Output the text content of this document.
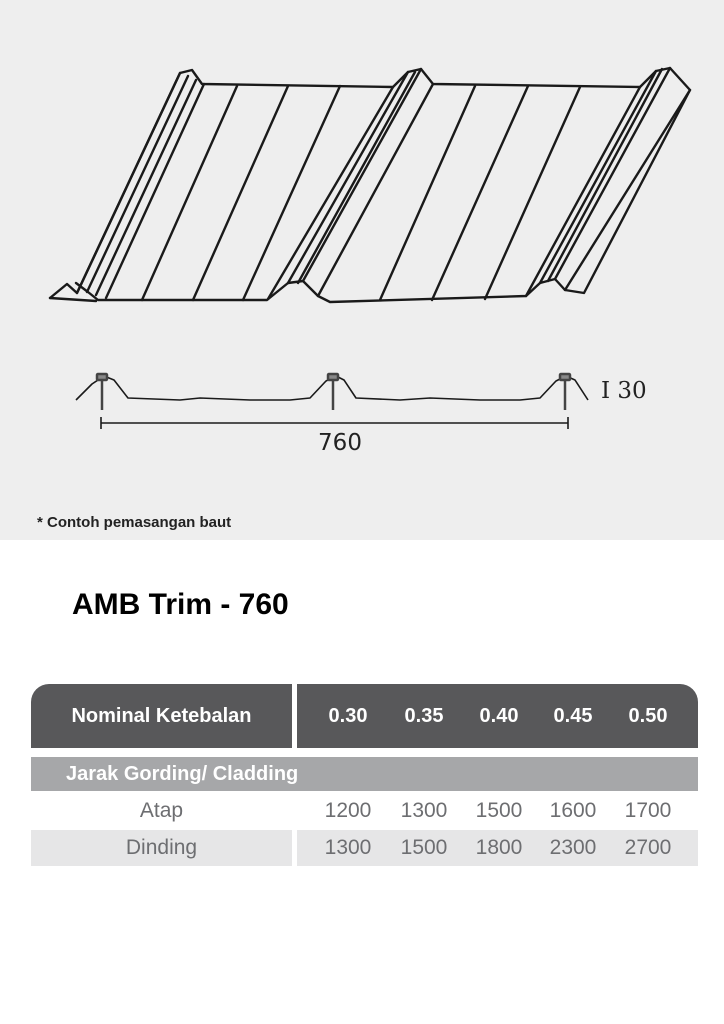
760
I 30
* Contoh pemasangan baut
AMB Trim - 760
Nominal Ketebalan	0.30	0.35	0.40	0.45	0.50
Jarak Gording/ Cladding
Atap	1200	1300	1500	1600	1700
Dinding	1300	1500	1800	2300	2700
